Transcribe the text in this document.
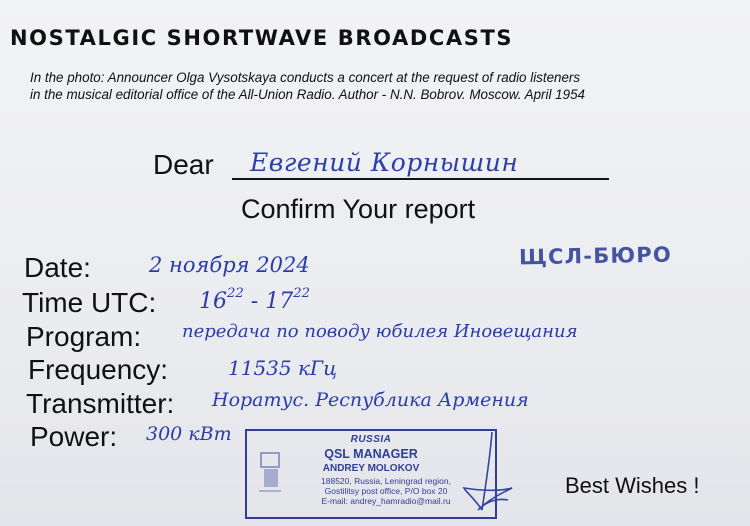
NOSTALGIC SHORTWAVE BROADCASTS
In the photo: Announcer Olga Vysotskaya conducts a concert at the request of radio listeners
in the musical editorial office of the All-Union Radio. Author - N.N. Bobrov. Moscow. April 1954
Dear Евгений Корнышин
Confirm Your report
Date:	2 ноября 2024
Time UTC: $16^{22} - 17^{22}$
Program: передача по поводу юбилея Иновещания
Frequency:	11535 кГц
Transmitter: Норатус. Республика Армения
Power: 300 кВт
ЩСЛ-БЮРО
RUSSIA
QSL MANAGER
ANDREY MOLOKOV
188520, Russia, Leningrad region,
Gostilitsy post office, P/O box 20
E-mail: andrey_hamradio@mail.ru
Best Wishes !
